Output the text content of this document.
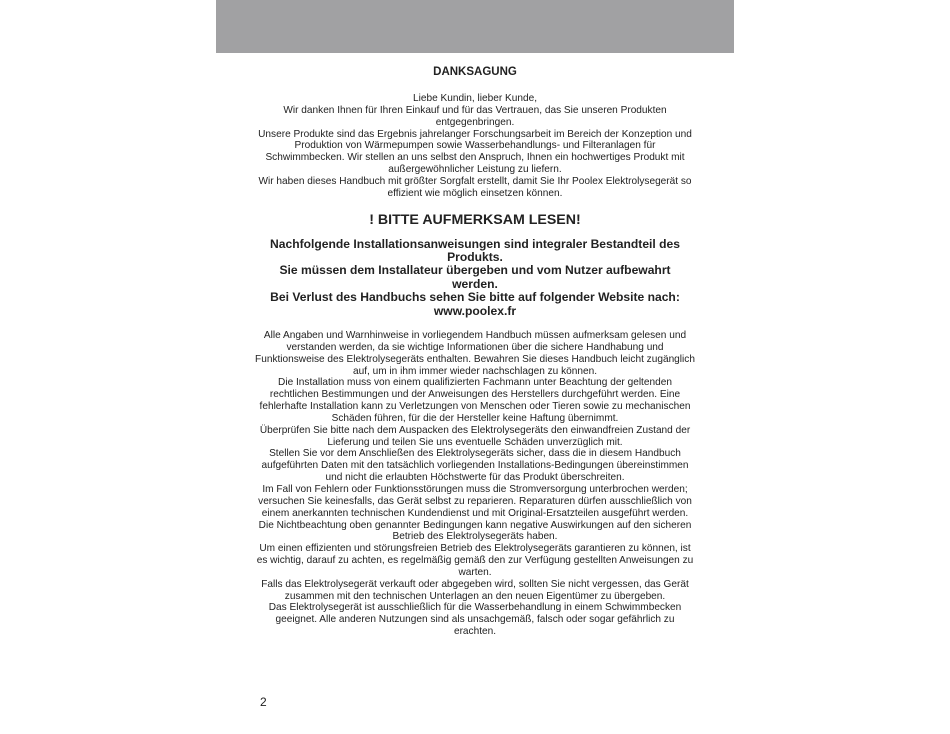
DANKSAGUNG

Liebe Kundin, lieber Kunde,

Wir danken Ihnen für Ihren Einkauf und für das Vertrauen, das Sie unseren Produkten entgegenbringen.

Unsere Produkte sind das Ergebnis jahrelanger Forschungsarbeit im Bereich der Konzeption und Produktion von Wärmepumpen sowie Wasserbehandlungs- und Filteranlagen für Schwimmbecken. Wir stellen an uns selbst den Anspruch, Ihnen ein hochwertiges Produkt mit außergewöhnlicher Leistung zu liefern.

Wir haben dieses Handbuch mit größter Sorgfalt erstellt, damit Sie Ihr Poolex Elektrolysegerät so effizient wie möglich einsetzen können.

! BITTE AUFMERKSAM LESEN!
Nachfolgende Installationsanweisungen sind integraler Bestandteil des Produkts.
Sie müssen dem Installateur übergeben und vom Nutzer aufbewahrt werden.
Bei Verlust des Handbuchs sehen Sie bitte auf folgender Website nach:
www.poolex.fr

Alle Angaben und Warnhinweise in vorliegendem Handbuch müssen aufmerksam gelesen und verstanden werden, da sie wichtige Informationen über die sichere Handhabung und Funktionsweise des Elektrolysegeräts enthalten. Bewahren Sie dieses Handbuch leicht zugänglich auf, um in ihm immer wieder nachschlagen zu können.

Die Installation muss von einem qualifizierten Fachmann unter Beachtung der geltenden rechtlichen Bestimmungen und der Anweisungen des Herstellers durchgeführt werden. Eine fehlerhafte Installation kann zu Verletzungen von Menschen oder Tieren sowie zu mechanischen Schäden führen, für die der Hersteller keine Haftung übernimmt.

Überprüfen Sie bitte nach dem Auspacken des Elektrolysegeräts den einwandfreien Zustand der Lieferung und teilen Sie uns eventuelle Schäden unverzüglich mit.

Stellen Sie vor dem Anschließen des Elektrolysegeräts sicher, dass die in diesem Handbuch aufgeführten Daten mit den tatsächlich vorliegenden Installations-Bedingungen übereinstimmen und nicht die erlaubten Höchstwerte für das Produkt überschreiten.

Im Fall von Fehlern oder Funktionsstörungen muss die Stromversorgung unterbrochen werden; versuchen Sie keinesfalls, das Gerät selbst zu reparieren. Reparaturen dürfen ausschließlich von einem anerkannten technischen Kundendienst und mit Original-Ersatzteilen ausgeführt werden.

Die Nichtbeachtung oben genannter Bedingungen kann negative Auswirkungen auf den sicheren Betrieb des Elektrolysegeräts haben.

Um einen effizienten und störungsfreien Betrieb des Elektrolysegeräts garantieren zu können, ist es wichtig, darauf zu achten, es regelmäßig gemäß den zur Verfügung gestellten Anweisungen zu warten.

Falls das Elektrolysegerät verkauft oder abgegeben wird, sollten Sie nicht vergessen, das Gerät zusammen mit den technischen Unterlagen an den neuen Eigentümer zu übergeben.

Das Elektrolysegerät ist ausschließlich für die Wasserbehandlung in einem Schwimmbecken geeignet. Alle anderen Nutzungen sind als unsachgemäß, falsch oder sogar gefährlich zu erachten.

2
